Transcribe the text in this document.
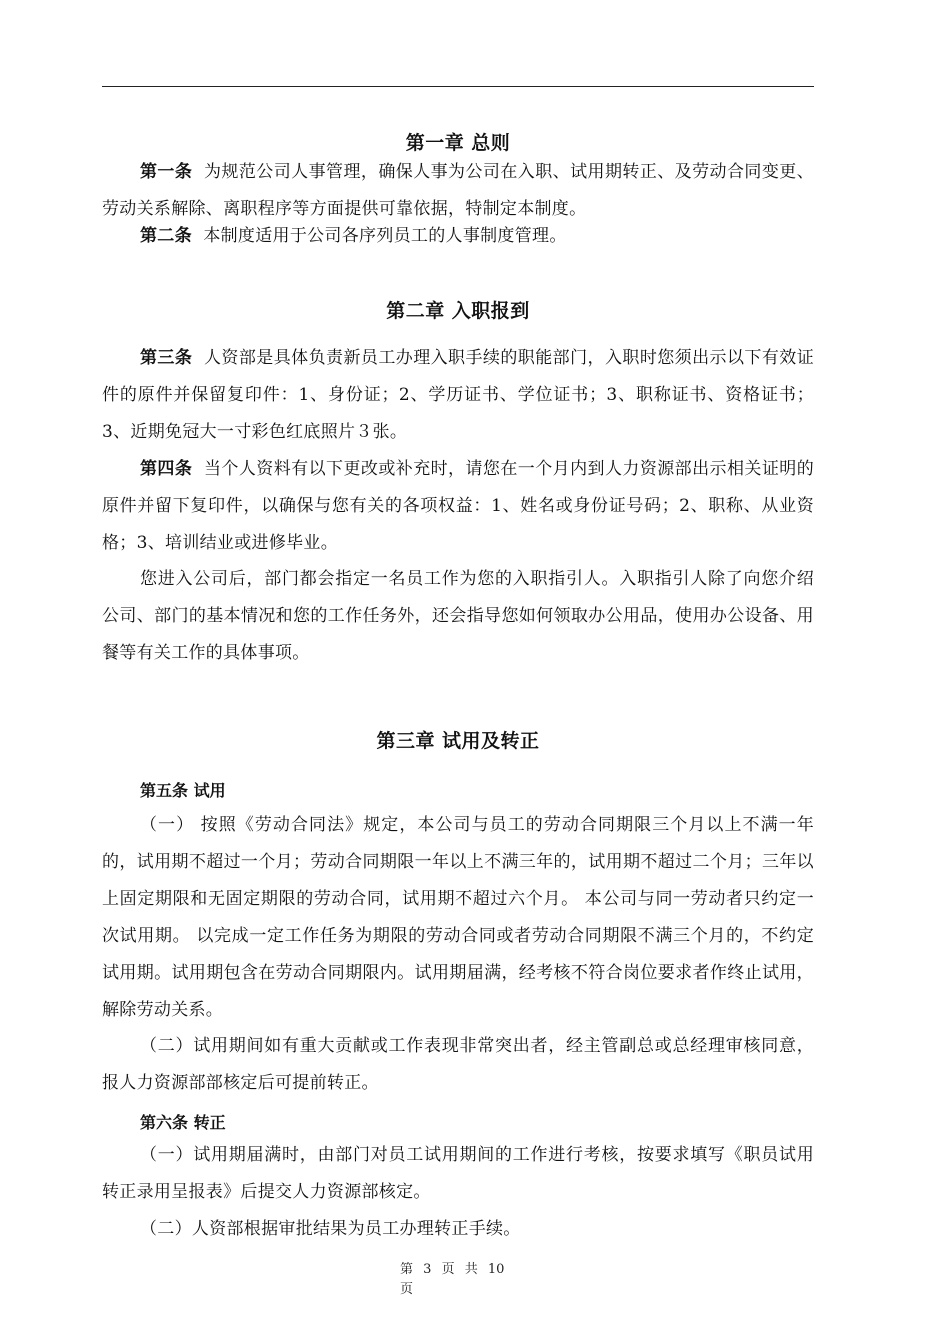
第一章 总则
第一条 为规范公司人事管理，确保人事为公司在入职、试用期转正、及劳动合同变更、劳动关系解除、离职程序等方面提供可靠依据，特制定本制度。
第二条 本制度适用于公司各序列员工的人事制度管理。
第二章 入职报到
第三条 人资部是具体负责新员工办理入职手续的职能部门，入职时您须出示以下有效证件的原件并保留复印件：1、身份证；2、学历证书、学位证书；3、职称证书、资格证书；3、近期免冠大一寸彩色红底照片３张。
第四条 当个人资料有以下更改或补充时，请您在一个月内到人力资源部出示相关证明的原件并留下复印件，以确保与您有关的各项权益：1、姓名或身份证号码；2、职称、从业资格；3、培训结业或进修毕业。
您进入公司后，部门都会指定一名员工作为您的入职指引人。入职指引人除了向您介绍公司、部门的基本情况和您的工作任务外，还会指导您如何领取办公用品，使用办公设备、用餐等有关工作的具体事项。
第三章 试用及转正
第五条 试用
（一） 按照《劳动合同法》规定，本公司与员工的劳动合同期限三个月以上不满一年的，试用期不超过一个月；劳动合同期限一年以上不满三年的，试用期不超过二个月；三年以上固定期限和无固定期限的劳动合同，试用期不超过六个月。 本公司与同一劳动者只约定一次试用期。 以完成一定工作任务为期限的劳动合同或者劳动合同期限不满三个月的，不约定试用期。试用期包含在劳动合同期限内。试用期届满，经考核不符合岗位要求者作终止试用，解除劳动关系。
（二）试用期间如有重大贡献或工作表现非常突出者，经主管副总或总经理审核同意，报人力资源部部核定后可提前转正。
第六条 转正
（一）试用期届满时，由部门对员工试用期间的工作进行考核，按要求填写《职员试用转正录用呈报表》后提交人力资源部核定。
（二）人资部根据审批结果为员工办理转正手续。
第 3 页 共 10
页
